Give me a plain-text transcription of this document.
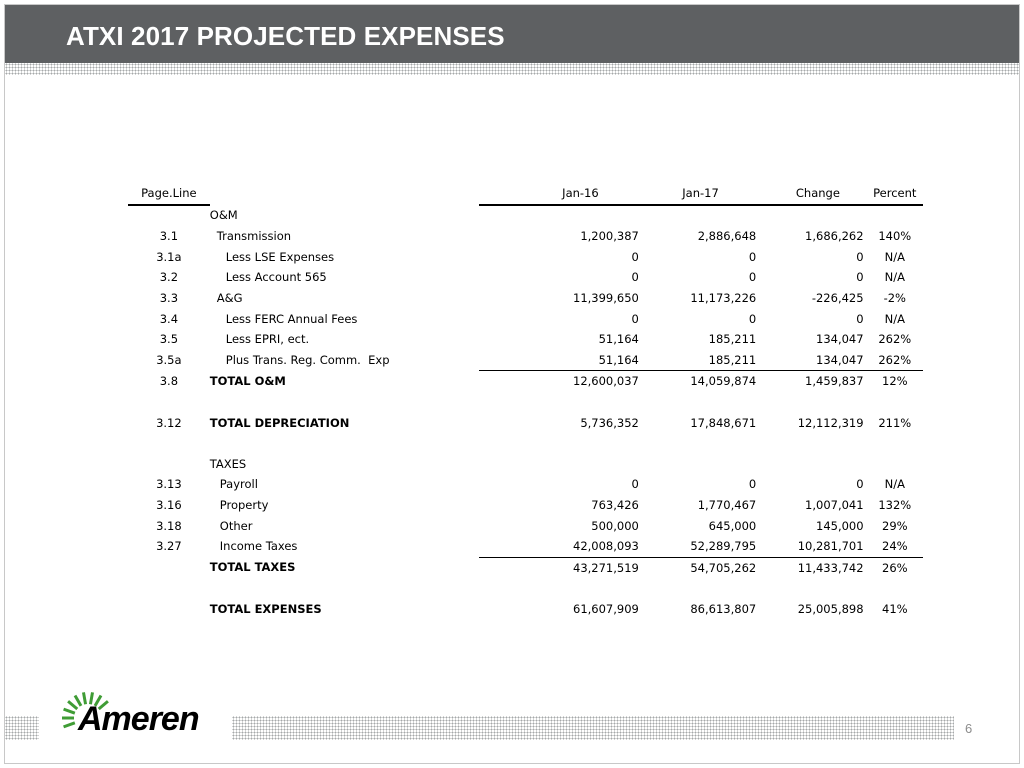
ATXI 2017 PROJECTED EXPENSES
Page.Line		Jan-16	Jan-17	Change	Percent
	O&M				
3.1	Transmission	1,200,387	2,886,648	1,686,262	140%
3.1a	Less LSE Expenses	0	0	0	N/A
3.2	Less Account 565	0	0	0	N/A
3.3	A&G	11,399,650	11,173,226	-226,425	-2%
3.4	Less FERC Annual Fees	0	0	0	N/A
3.5	Less EPRI, ect.	51,164	185,211	134,047	262%
3.5a	Plus Trans. Reg. Comm.  Exp	51,164	185,211	134,047	262%
3.8	TOTAL O&M	12,600,037	14,059,874	1,459,837	12%

3.12	TOTAL DEPRECIATION	5,736,352	17,848,671	12,112,319	211%

	TAXES				
3.13	Payroll	0	0	0	N/A
3.16	Property	763,426	1,770,467	1,007,041	132%
3.18	Other	500,000	645,000	145,000	29%
3.27	Income Taxes	42,008,093	52,289,795	10,281,701	24%
	TOTAL TAXES	43,271,519	54,705,262	11,433,742	26%

	TOTAL EXPENSES	61,607,909	86,613,807	25,005,898	41%
6
Ameren
